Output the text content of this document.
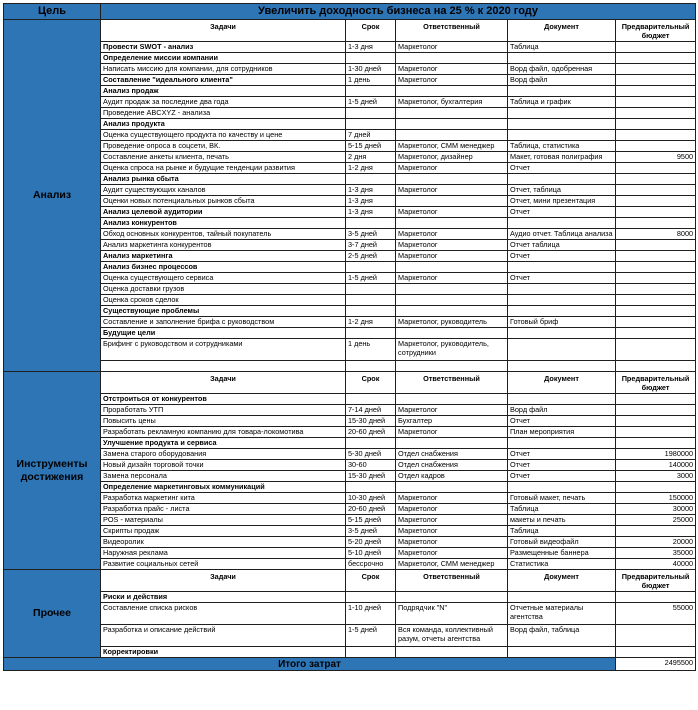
Цель	Увеличить доходность бизнеса на 25 % к 2020 году				
Анализ	Задачи	Срок	Ответственный	Документ	Предварительный бюджет
	Провести SWOT - анализ	1-3 дня	Маркетолог	Таблица	
	Определение миссии компании				
	Написать миссию для компании, для сотрудников	1-30 дней	Маркетолог	Ворд файл, одобренная	
	Составление "идеального клиента"	1 день	Маркетолог	Ворд файл	
	Анализ продаж				
	Аудит продаж за последние два года	1-5 дней	Маркетолог, бухгалтерия	Таблица и график	
	Проведение ABCXYZ - анализа				
	Анализ продукта				
	Оценка существующего продукта по качеству и цене	7 дней			
	Проведение опроса в соцсети, ВК.	5-15 дней	Маркетолог, СММ менеджер	Таблица, статистика	
	Составление анкеты клиента, печать	2 дня	Маркетолог, дизайнер	Макет, готовая полиграфия	9500
	Оценка спроса на рынке и будущие тенденции развития	1-2 дня	Маркетолог	Отчет	
	Анализ рынка сбыта				
	Аудит существующих каналов	1-3 дня	Маркетолог	Отчет, таблица	
	Оценки новых потенциальных рынков сбыта	1-3 дня		Отчет, мини презентация	
	Анализ целевой аудитории	1-3 дня	Маркетолог	Отчет	
	Анализ конкурентов				
	Обход основных конкурентов, тайный покупатель	3-5 дней	Маркетолог	Аудио отчет. Таблица анализа	8000
	Анализ маркетинга конкурентов	3-7 дней	Маркетолог	Отчет таблица	
	Анализ маркетинга	2-5 дней	Маркетолог	Отчет	
	Анализ бизнес процессов				
	Оценка существующего сервиса	1-5 дней	Маркетолог	Отчет	
	Оценка доставки грузов				
	Оценка сроков сделок				
	Существующие проблемы				
	Составление и заполнение брифа с руководством	1-2 дня	Маркетолог, руководитель	Готовый бриф	
	Будущие цели				
	Брифинг с руководством и сотрудниками	1 день	Маркетолог, руководитель, сотрудники		

Инструменты достижения	Задачи	Срок	Ответственный	Документ	Предварительный бюджет
	Отстроиться от конкурентов				
	Проработать УТП	7-14 дней	Маркетолог	Ворд файл	
	Повысить цены	15-30 дней	Бухгалтер	Отчет	
	Разработать рекламную компанию для товара-локомотива	20-60 дней	Маркетолог	План мероприятия	
	Улучшение продукта и сервиса				
	Замена старого оборудования	5-30 дней	Отдел снабжения	Отчет	1980000
	Новый дизайн торговой точки	30-60	Отдел снабжения	Отчет	140000
	Замена персонала	15-30 дней	Отдел кадров	Отчет	3000
	Определение маркетинговых коммуникаций				
	Разработка маркетинг кита	10-30 дней	Маркетолог	Готовый макет, печать	150000
	Разработка прайс - листа	20-60 дней	Маркетолог	Таблица	30000
	POS - материалы	5-15 дней	Маркетолог	макеты и печать	25000
	Скрипты продаж	3-5 дней	Маркетолог	Таблица	
	Видеоролик	5-20 дней	Маркетолог	Готовый видеофайл	20000
	Наружная реклама	5-10 дней	Маркетолог	Размещенные баннера	35000
	Развитие социальных сетей	бессрочно	Маркетолог, СММ менеджер	Статистика	40000
Прочее	Задачи	Срок	Ответственный	Документ	Предварительный бюджет
	Риски и действия				
	Составление списка рисков	1-10 дней	Подрядчик "N"	Отчетные материалы агентства	55000
	Разработка и описание действий	1-5 дней	Вся команда, коллективный разум, отчеты агентства	Ворд файл, таблица	
	Корректировки				
Итого затрат					2495500
